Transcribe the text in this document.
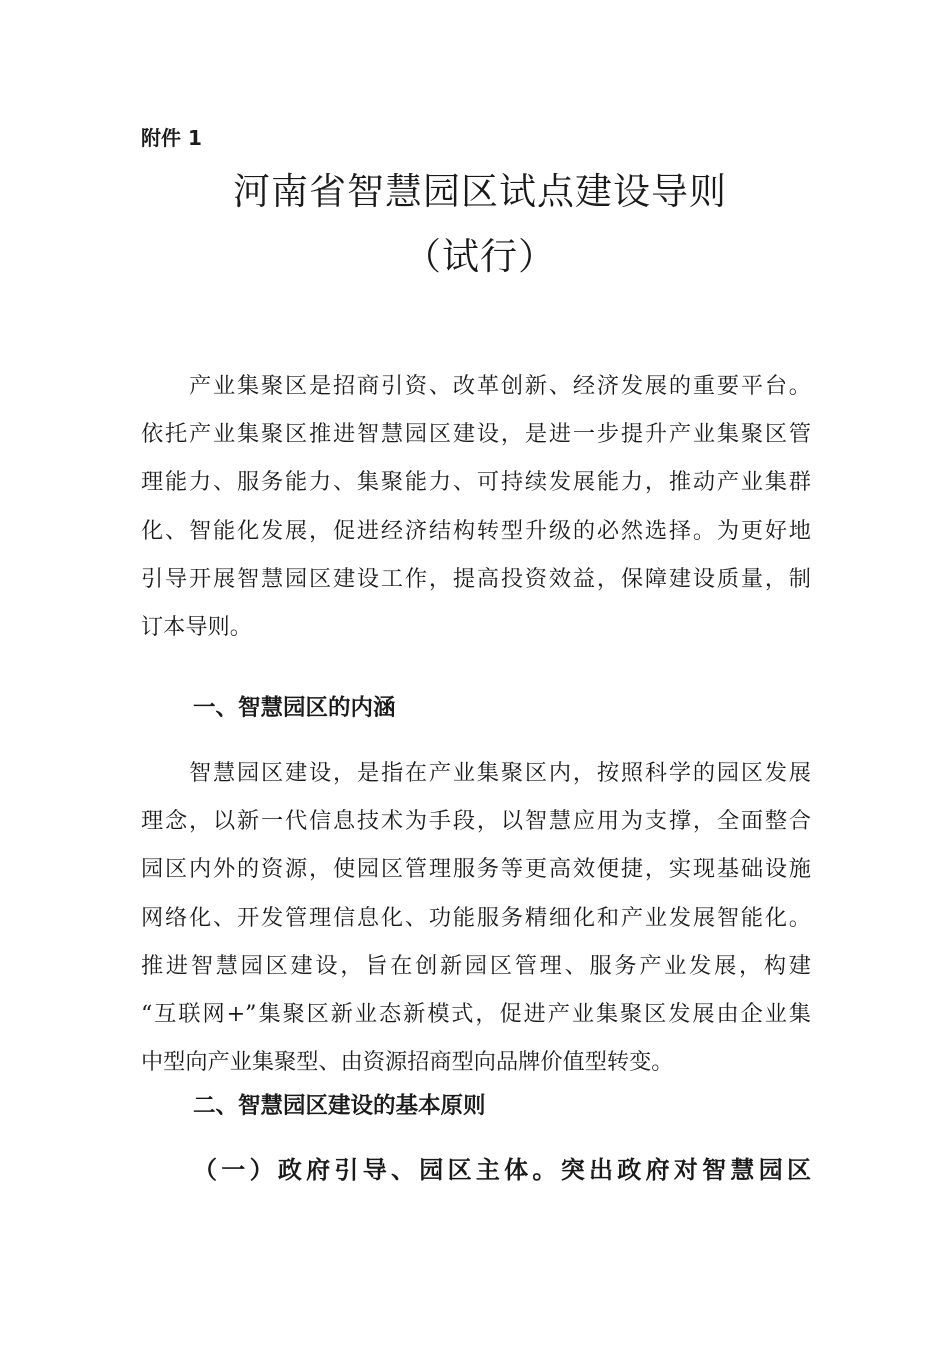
附件 1
河南省智慧园区试点建设导则
（试行）

产业集聚区是招商引资、改革创新、经济发展的重要平台。
依托产业集聚区推进智慧园区建设，是进一步提升产业集聚区管
理能力、服务能力、集聚能力、可持续发展能力，推动产业集群
化、智能化发展，促进经济结构转型升级的必然选择。为更好地
引导开展智慧园区建设工作，提高投资效益，保障建设质量，制
订本导则。

一、智慧园区的内涵

智慧园区建设，是指在产业集聚区内，按照科学的园区发展
理念，以新一代信息技术为手段，以智慧应用为支撑，全面整合
园区内外的资源，使园区管理服务等更高效便捷，实现基础设施
网络化、开发管理信息化、功能服务精细化和产业发展智能化。
推进智慧园区建设，旨在创新园区管理、服务产业发展，构建
“互联网+”集聚区新业态新模式，促进产业集聚区发展由企业集
中型向产业集聚型、由资源招商型向品牌价值型转变。

二、智慧园区建设的基本原则
（一）政府引导、园区主体。突出政府对智慧园区
